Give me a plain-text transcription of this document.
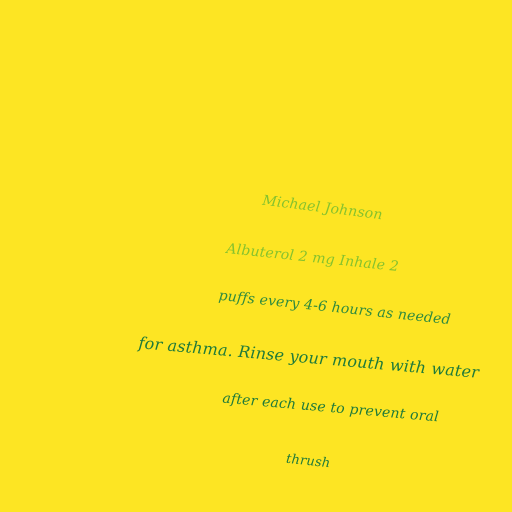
Michael Johnson
Albuterol 2 mg Inhale 2
puffs every 4-6 hours as needed
for asthma. Rinse your mouth with water
after each use to prevent oral
thrush
